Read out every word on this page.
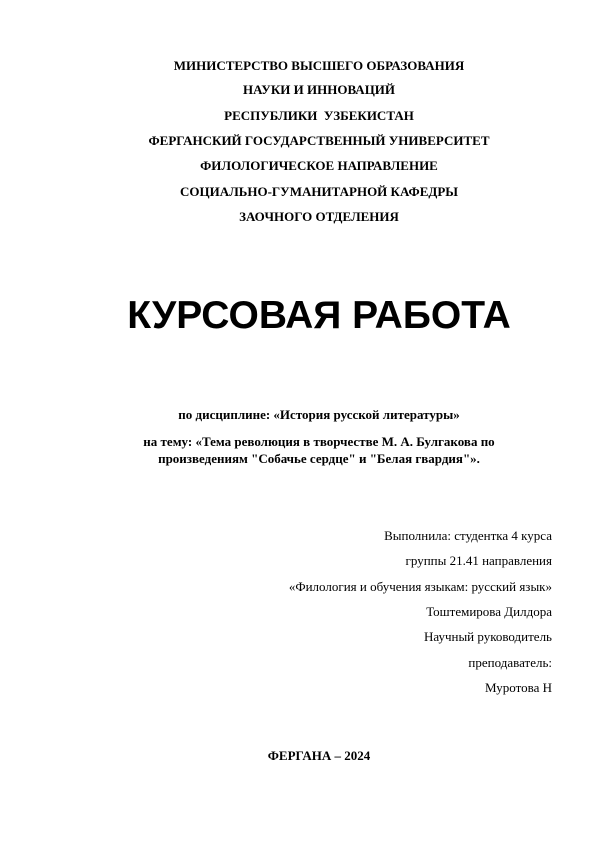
МИНИСТЕРСТВО ВЫСШЕГО ОБРАЗОВАНИЯ
НАУКИ И ИННОВАЦИЙ
РЕСПУБЛИКИ  УЗБЕКИСТАН
ФЕРГАНСКИЙ ГОСУДАРСТВЕННЫЙ УНИВЕРСИТЕТ
ФИЛОЛОГИЧЕСКОЕ НАПРАВЛЕНИЕ
СОЦИАЛЬНО-ГУМАНИТАРНОЙ КАФЕДРЫ
ЗАОЧНОГО ОТДЕЛЕНИЯ
КУРСОВАЯ РАБОТА
по дисциплине: «История русской литературы»
на тему: «Тема революция в творчестве М. А. Булгакова по произведениям "Собачье сердце" и "Белая гвардия"».
Выполнила: студентка 4 курса
группы 21.41 направления
«Филология и обучения языкам: русский язык»
Тоштемирова Дилдора
Научный руководитель
преподаватель:
Муротова Н
ФЕРГАНА – 2024
